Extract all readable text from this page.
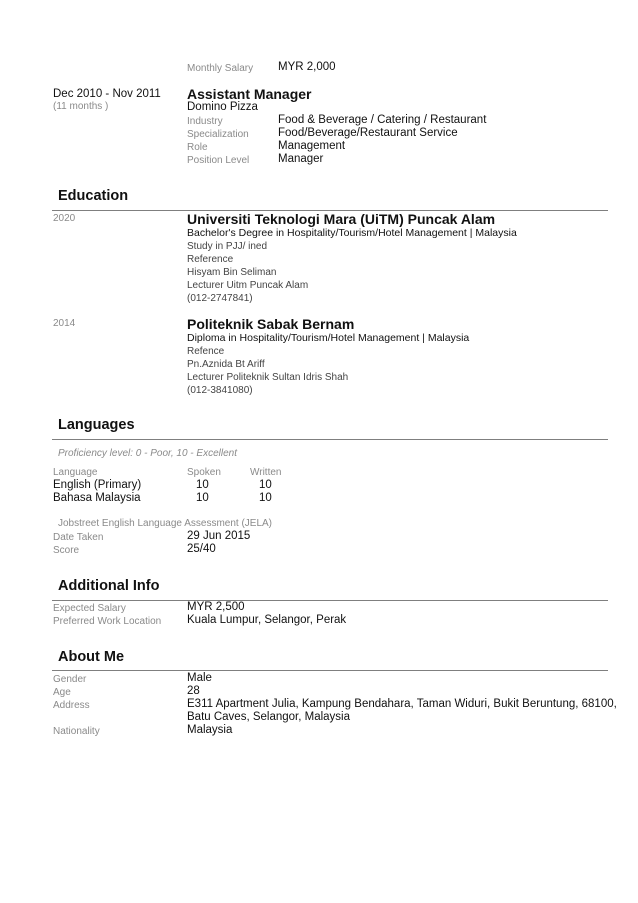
Monthly Salary MYR 2,000
Dec 2010 - Nov 2011
(11 months )
Assistant Manager
Domino Pizza
Industry	Food & Beverage / Catering / Restaurant
Specialization	Food/Beverage/Restaurant Service
Role	Management
Position Level Manager
Education
2020	Universiti Teknologi Mara (UiTM) Puncak Alam
Bachelor's Degree in Hospitality/Tourism/Hotel Management | Malaysia
Study in PJJ/ ined
Reference
Hisyam Bin Seliman
Lecturer Uitm Puncak Alam
(012-2747841)
2014	Politeknik Sabak Bernam
Diploma in Hospitality/Tourism/Hotel Management | Malaysia
Refence
Pn.Aznida Bt Ariff
Lecturer Politeknik Sultan Idris Shah
(012-3841080)
Languages
Proficiency level: 0 - Poor, 10 - Excellent
Language	Spoken	Written
English (Primary)	10	10
Bahasa Malaysia	10	10
Jobstreet English Language Assessment (JELA)
Date Taken	29 Jun 2015
Score	25/40
Additional Info
Expected Salary	MYR 2,500
Preferred Work Location Kuala Lumpur, Selangor, Perak
About Me
Gender	Male
Age	28
Address	E311 Apartment Julia, Kampung Bendahara, Taman Widuri, Bukit Beruntung, 68100,
Batu Caves, Selangor, Malaysia
Nationality	Malaysia
